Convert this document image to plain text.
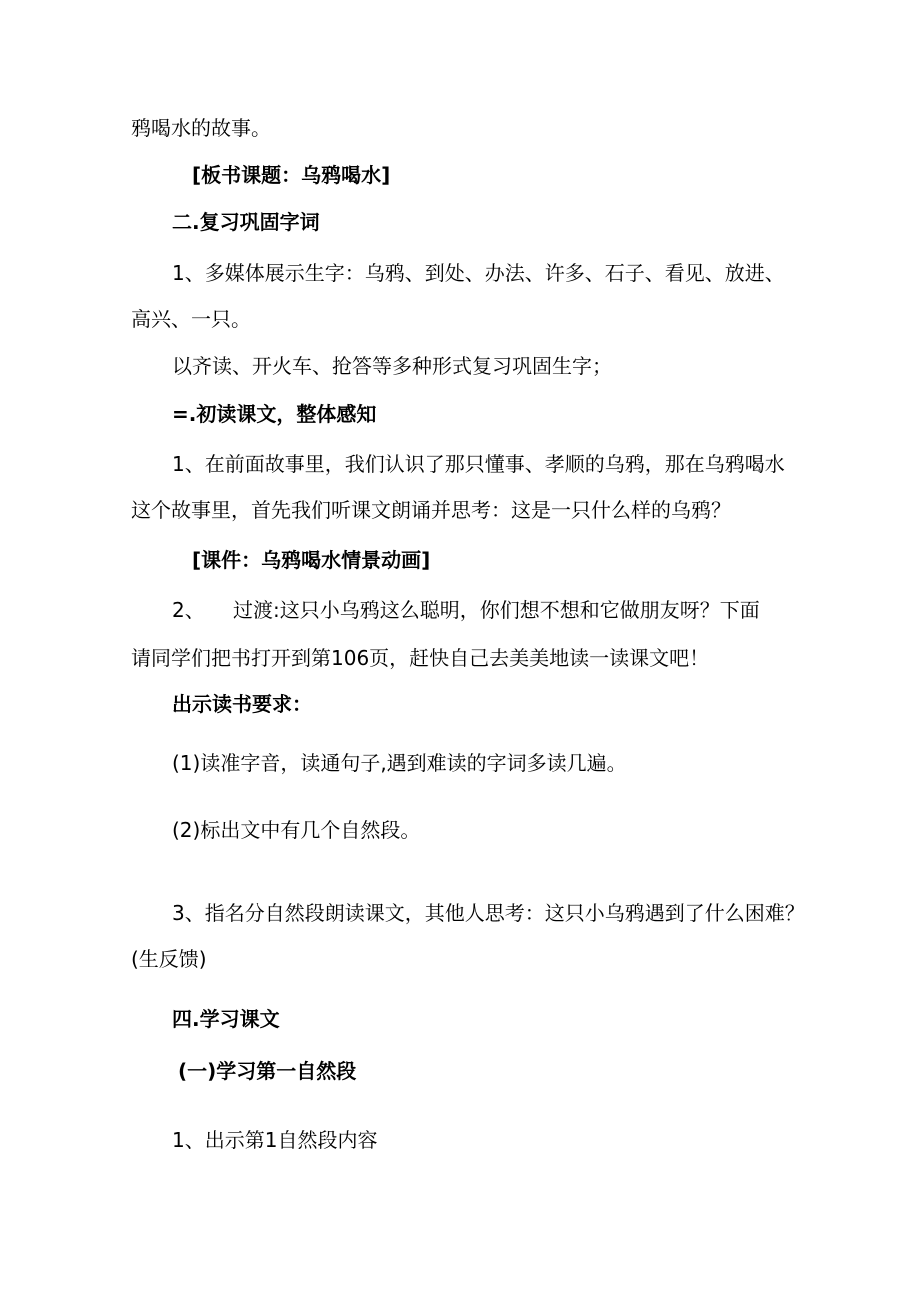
鸦喝水的故事。

[板书课题：乌鸦喝水]

二.复习巩固字词

1、多媒体展示生字：乌鸦、到处、办法、许多、石子、看见、放进、

高兴、一只。

以齐读、开火车、抢答等多种形式复习巩固生字；

=.初读课文，整体感知

1、在前面故事里，我们认识了那只懂事、孝顺的乌鸦，那在乌鸦喝水

这个故事里，首先我们听课文朗诵并思考：这是一只什么样的乌鸦？

[课件：乌鸦喝水情景动画]

2、 过渡:这只小乌鸦这么聪明，你们想不想和它做朋友呀？下面

请同学们把书打开到第106页，赶快自己去美美地读一读课文吧！

出示读书要求：

(1)读准字音，读通句子,遇到难读的字词多读几遍。

(2)标出文中有几个自然段。

3、指名分自然段朗读课文，其他人思考：这只小乌鸦遇到了什么困难？

(生反馈)

四.学习课文

(一)学习第一自然段

1、出示第1自然段内容
